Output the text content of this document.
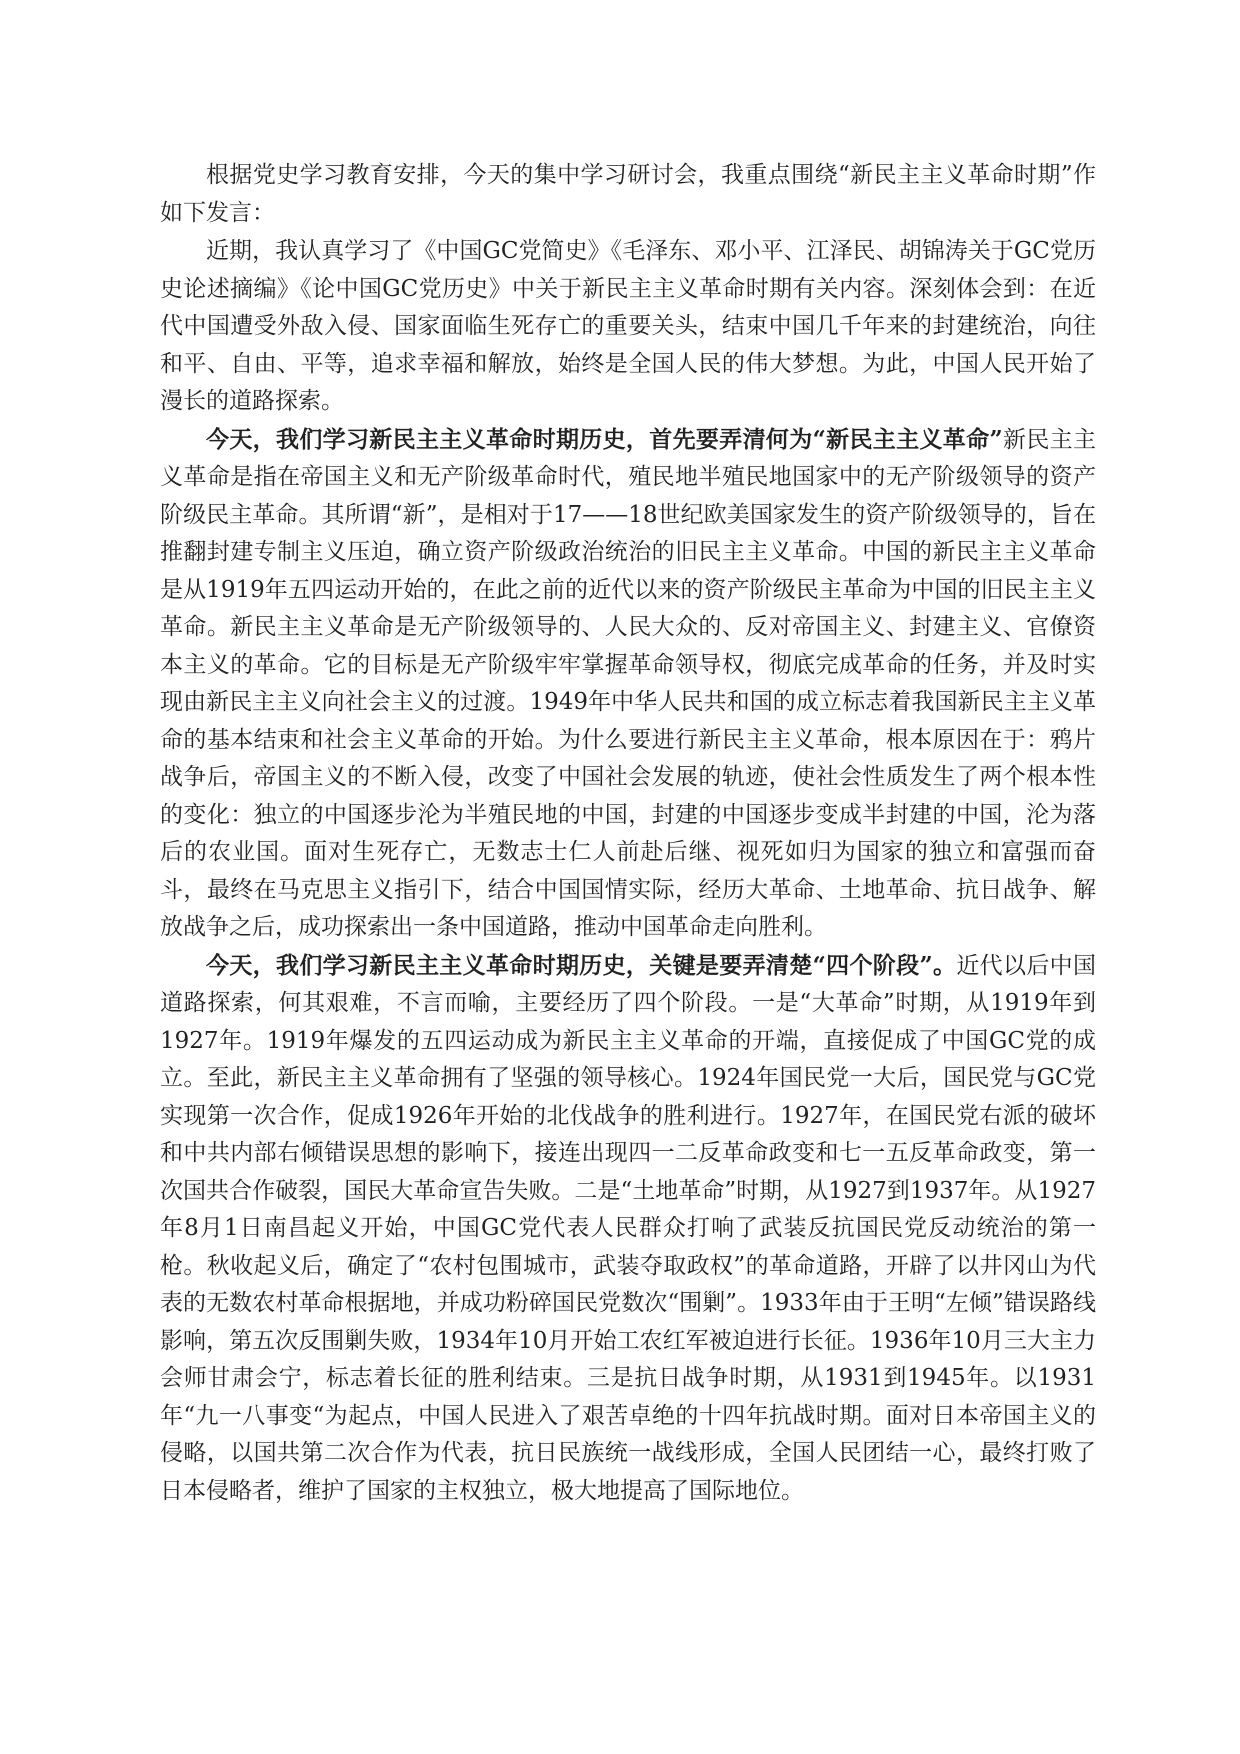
根据党史学习教育安排，今天的集中学习研讨会，我重点围绕“新民主主义革命时期”作如下发言：

近期，我认真学习了《中国GC党简史》《毛泽东、邓小平、江泽民、胡锦涛关于GC党历史论述摘编》《论中国GC党历史》中关于新民主主义革命时期有关内容。深刻体会到：在近代中国遭受外敌入侵、国家面临生死存亡的重要关头，结束中国几千年来的封建统治，向往和平、自由、平等，追求幸福和解放，始终是全国人民的伟大梦想。为此，中国人民开始了漫长的道路探索。

今天，我们学习新民主主义革命时期历史，首先要弄清何为“新民主主义革命”新民主主义革命是指在帝国主义和无产阶级革命时代，殖民地半殖民地国家中的无产阶级领导的资产阶级民主革命。其所谓“新”，是相对于17——18世纪欧美国家发生的资产阶级领导的，旨在推翻封建专制主义压迫，确立资产阶级政治统治的旧民主主义革命。中国的新民主主义革命是从1919年五四运动开始的，在此之前的近代以来的资产阶级民主革命为中国的旧民主主义革命。新民主主义革命是无产阶级领导的、人民大众的、反对帝国主义、封建主义、官僚资本主义的革命。它的目标是无产阶级牢牢掌握革命领导权，彻底完成革命的任务，并及时实现由新民主主义向社会主义的过渡。1949年中华人民共和国的成立标志着我国新民主主义革命的基本结束和社会主义革命的开始。为什么要进行新民主主义革命，根本原因在于：鸦片战争后，帝国主义的不断入侵，改变了中国社会发展的轨迹，使社会性质发生了两个根本性的变化：独立的中国逐步沦为半殖民地的中国，封建的中国逐步变成半封建的中国，沦为落后的农业国。面对生死存亡，无数志士仁人前赴后继、视死如归为国家的独立和富强而奋斗，最终在马克思主义指引下，结合中国国情实际，经历大革命、土地革命、抗日战争、解放战争之后，成功探索出一条中国道路，推动中国革命走向胜利。

今天，我们学习新民主主义革命时期历史，关键是要弄清楚“四个阶段”。近代以后中国道路探索，何其艰难，不言而喻，主要经历了四个阶段。一是“大革命”时期，从1919年到1927年。1919年爆发的五四运动成为新民主主义革命的开端，直接促成了中国GC党的成立。至此，新民主主义革命拥有了坚强的领导核心。1924年国民党一大后，国民党与GC党实现第一次合作，促成1926年开始的北伐战争的胜利进行。1927年，在国民党右派的破坏和中共内部右倾错误思想的影响下，接连出现四一二反革命政变和七一五反革命政变，第一次国共合作破裂，国民大革命宣告失败。二是“土地革命”时期，从1927到1937年。从1927年8月1日南昌起义开始，中国GC党代表人民群众打响了武装反抗国民党反动统治的第一枪。秋收起义后，确定了“农村包围城市，武装夺取政权”的革命道路，开辟了以井冈山为代表的无数农村革命根据地，并成功粉碎国民党数次“围剿”。1933年由于王明“左倾”错误路线影响，第五次反围剿失败，1934年10月开始工农红军被迫进行长征。1936年10月三大主力会师甘肃会宁，标志着长征的胜利结束。三是抗日战争时期，从1931到1945年。以1931年“九一八事变“为起点，中国人民进入了艰苦卓绝的十四年抗战时期。面对日本帝国主义的侵略，以国共第二次合作为代表，抗日民族统一战线形成，全国人民团结一心，最终打败了日本侵略者，维护了国家的主权独立，极大地提高了国际地位。
